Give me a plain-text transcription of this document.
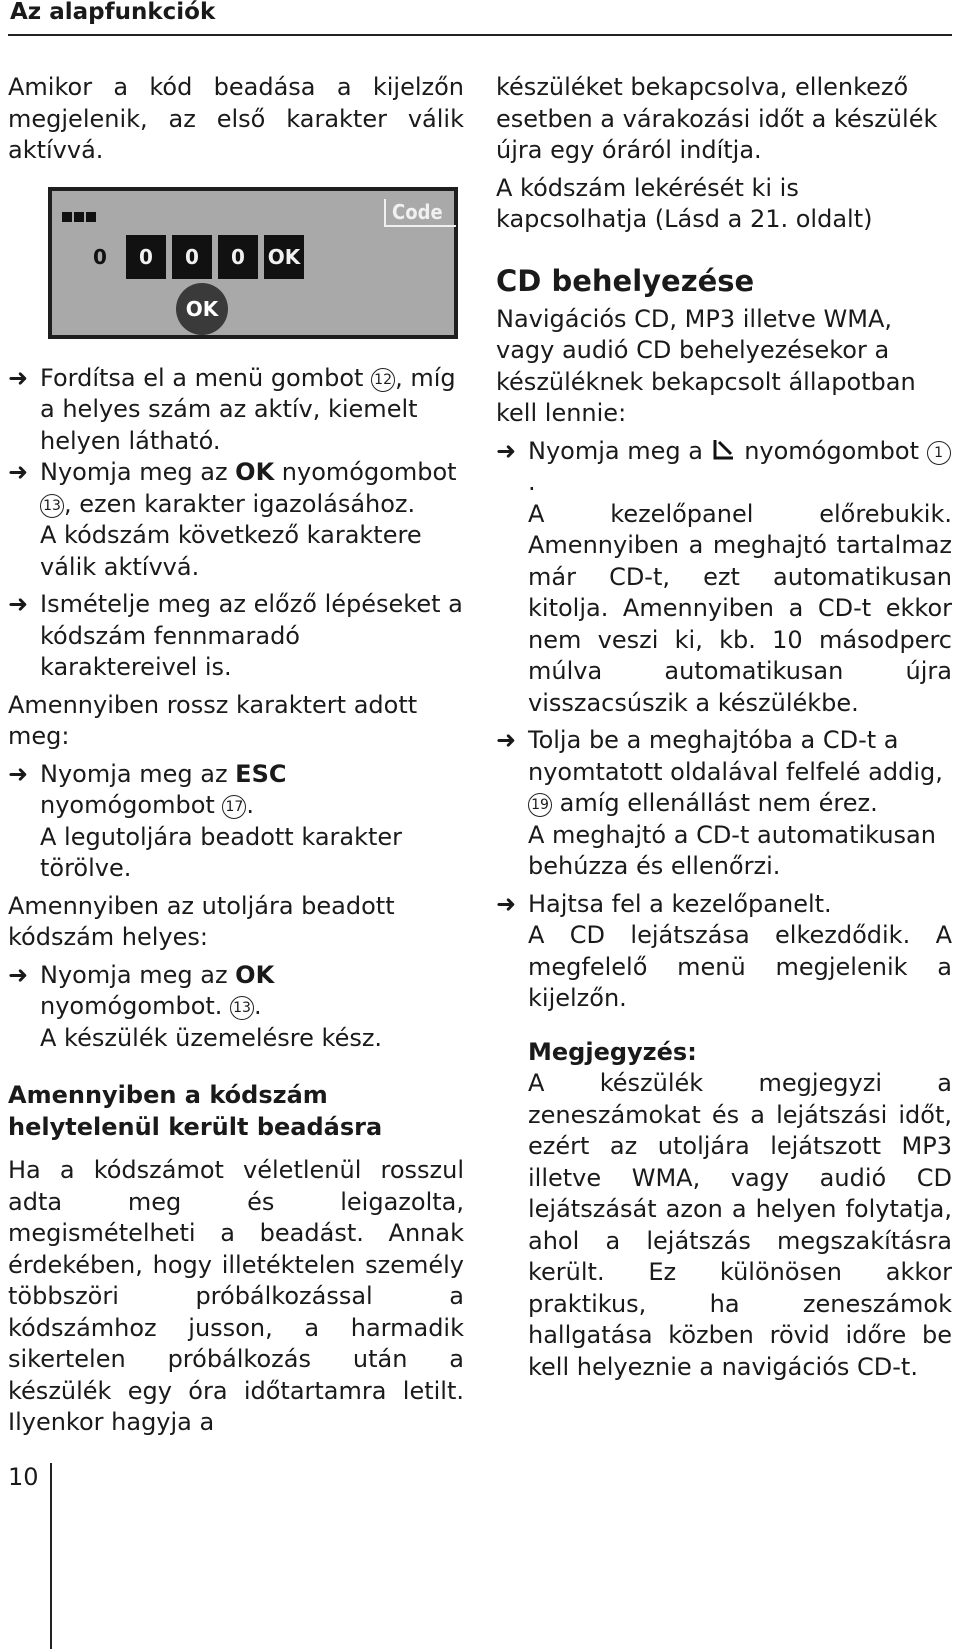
Az alapfunkciók

Amikor a kód beadása a kijelzőn megjelenik, az első karakter válik aktívvá.

Code
0	0	0	0	OK
OK
➜ Fordítsa el a menü gombot 12 , míg a helyes szám az aktív, kiemelt helyen látható.
➜ Nyomja meg az OK nyomógombot 13 , ezen karakter igazolásához.

A kódszám következő karaktere válik aktívvá.

➜ Ismételje meg az előző lépéseket a kódszám fennmaradó karaktereivel is.

Amennyiben rossz karaktert adott meg:

➜ Nyomja meg az ESC nyomógombot 17 .

A legutoljára beadott karakter törölve.

Amennyiben az utoljára beadott kódszám helyes:

➜ Nyomja meg az OK nyomógombot. 13 .

A készülék üzemelésre kész.

Amennyiben a kódszám helytelenül került beadásra

Ha a kódszámot véletlenül rosszul adta meg és leigazolta, megismételheti a beadást. Annak érdekében, hogy illetéktelen személy többszöri próbálkozással a kódszámhoz jusson, a harmadik sikertelen próbálkozás után a készülék egy óra időtartamra letilt. Ilyenkor hagyja a

készüléket bekapcsolva, ellenkező esetben a várakozási időt a készülék újra egy óráról indítja.

A kódszám lekérését ki is kapcsolhatja (Lásd a 21. oldalt)

CD behelyezése

Navigációs CD, MP3 illetve WMA, vagy audió CD behelyezésekor a készüléknek bekapcsolt állapotban kell lennie:

➜ Nyomja meg a  nyomógombot 1.

A kezelőpanel előrebukik. Amennyiben a meghajtó tartalmaz már CD-t, ezt automatikusan kitolja. Amennyiben a CD-t ekkor nem veszi ki, kb. 10 másodperc múlva automatikusan újra visszacsúszik a készülékbe.

➜ Tolja be a meghajtóba a CD-t a nyomtatott oldalával felfelé addig, 19 amíg ellenállást nem érez.

A meghajtó a CD-t automatikusan behúzza és ellenőrzi.

➜ Hajtsa fel a kezelőpanelt.

A CD lejátszása elkezdődik. A megfelelő menü megjelenik a kijelzőn.

Megjegyzés:

A készülék megjegyzi a zeneszámokat és a lejátszási időt, ezért az utoljára lejátszott MP3 illetve WMA, vagy audió CD lejátszását azon a helyen folytatja, ahol a lejátszás megszakításra került. Ez különösen akkor praktikus, ha zeneszámok hallgatása közben rövid időre be kell helyeznie a navigációs CD-t.

10
